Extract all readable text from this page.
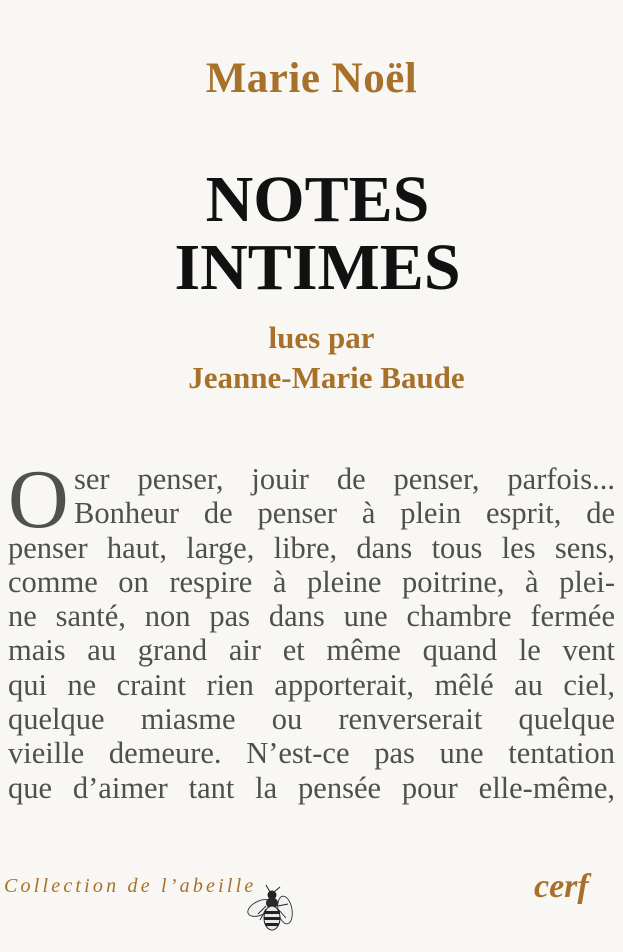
Marie Noël
NOTES
INTIMES
lues par
Jeanne-Marie Baude
O ser penser, jouir de penser, parfois...
Bonheur de penser à plein esprit, de
penser haut, large, libre, dans tous les sens,
comme on respire à pleine poitrine, à plei-
ne santé, non pas dans une chambre fermée
mais au grand air et même quand le vent
qui ne craint rien apporterait, mêlé au ciel,
quelque miasme ou renverserait quelque
vieille demeure. N’est-ce pas une tentation
que d’aimer tant la pensée pour elle-même,
Collection de l’abeille	cerf
